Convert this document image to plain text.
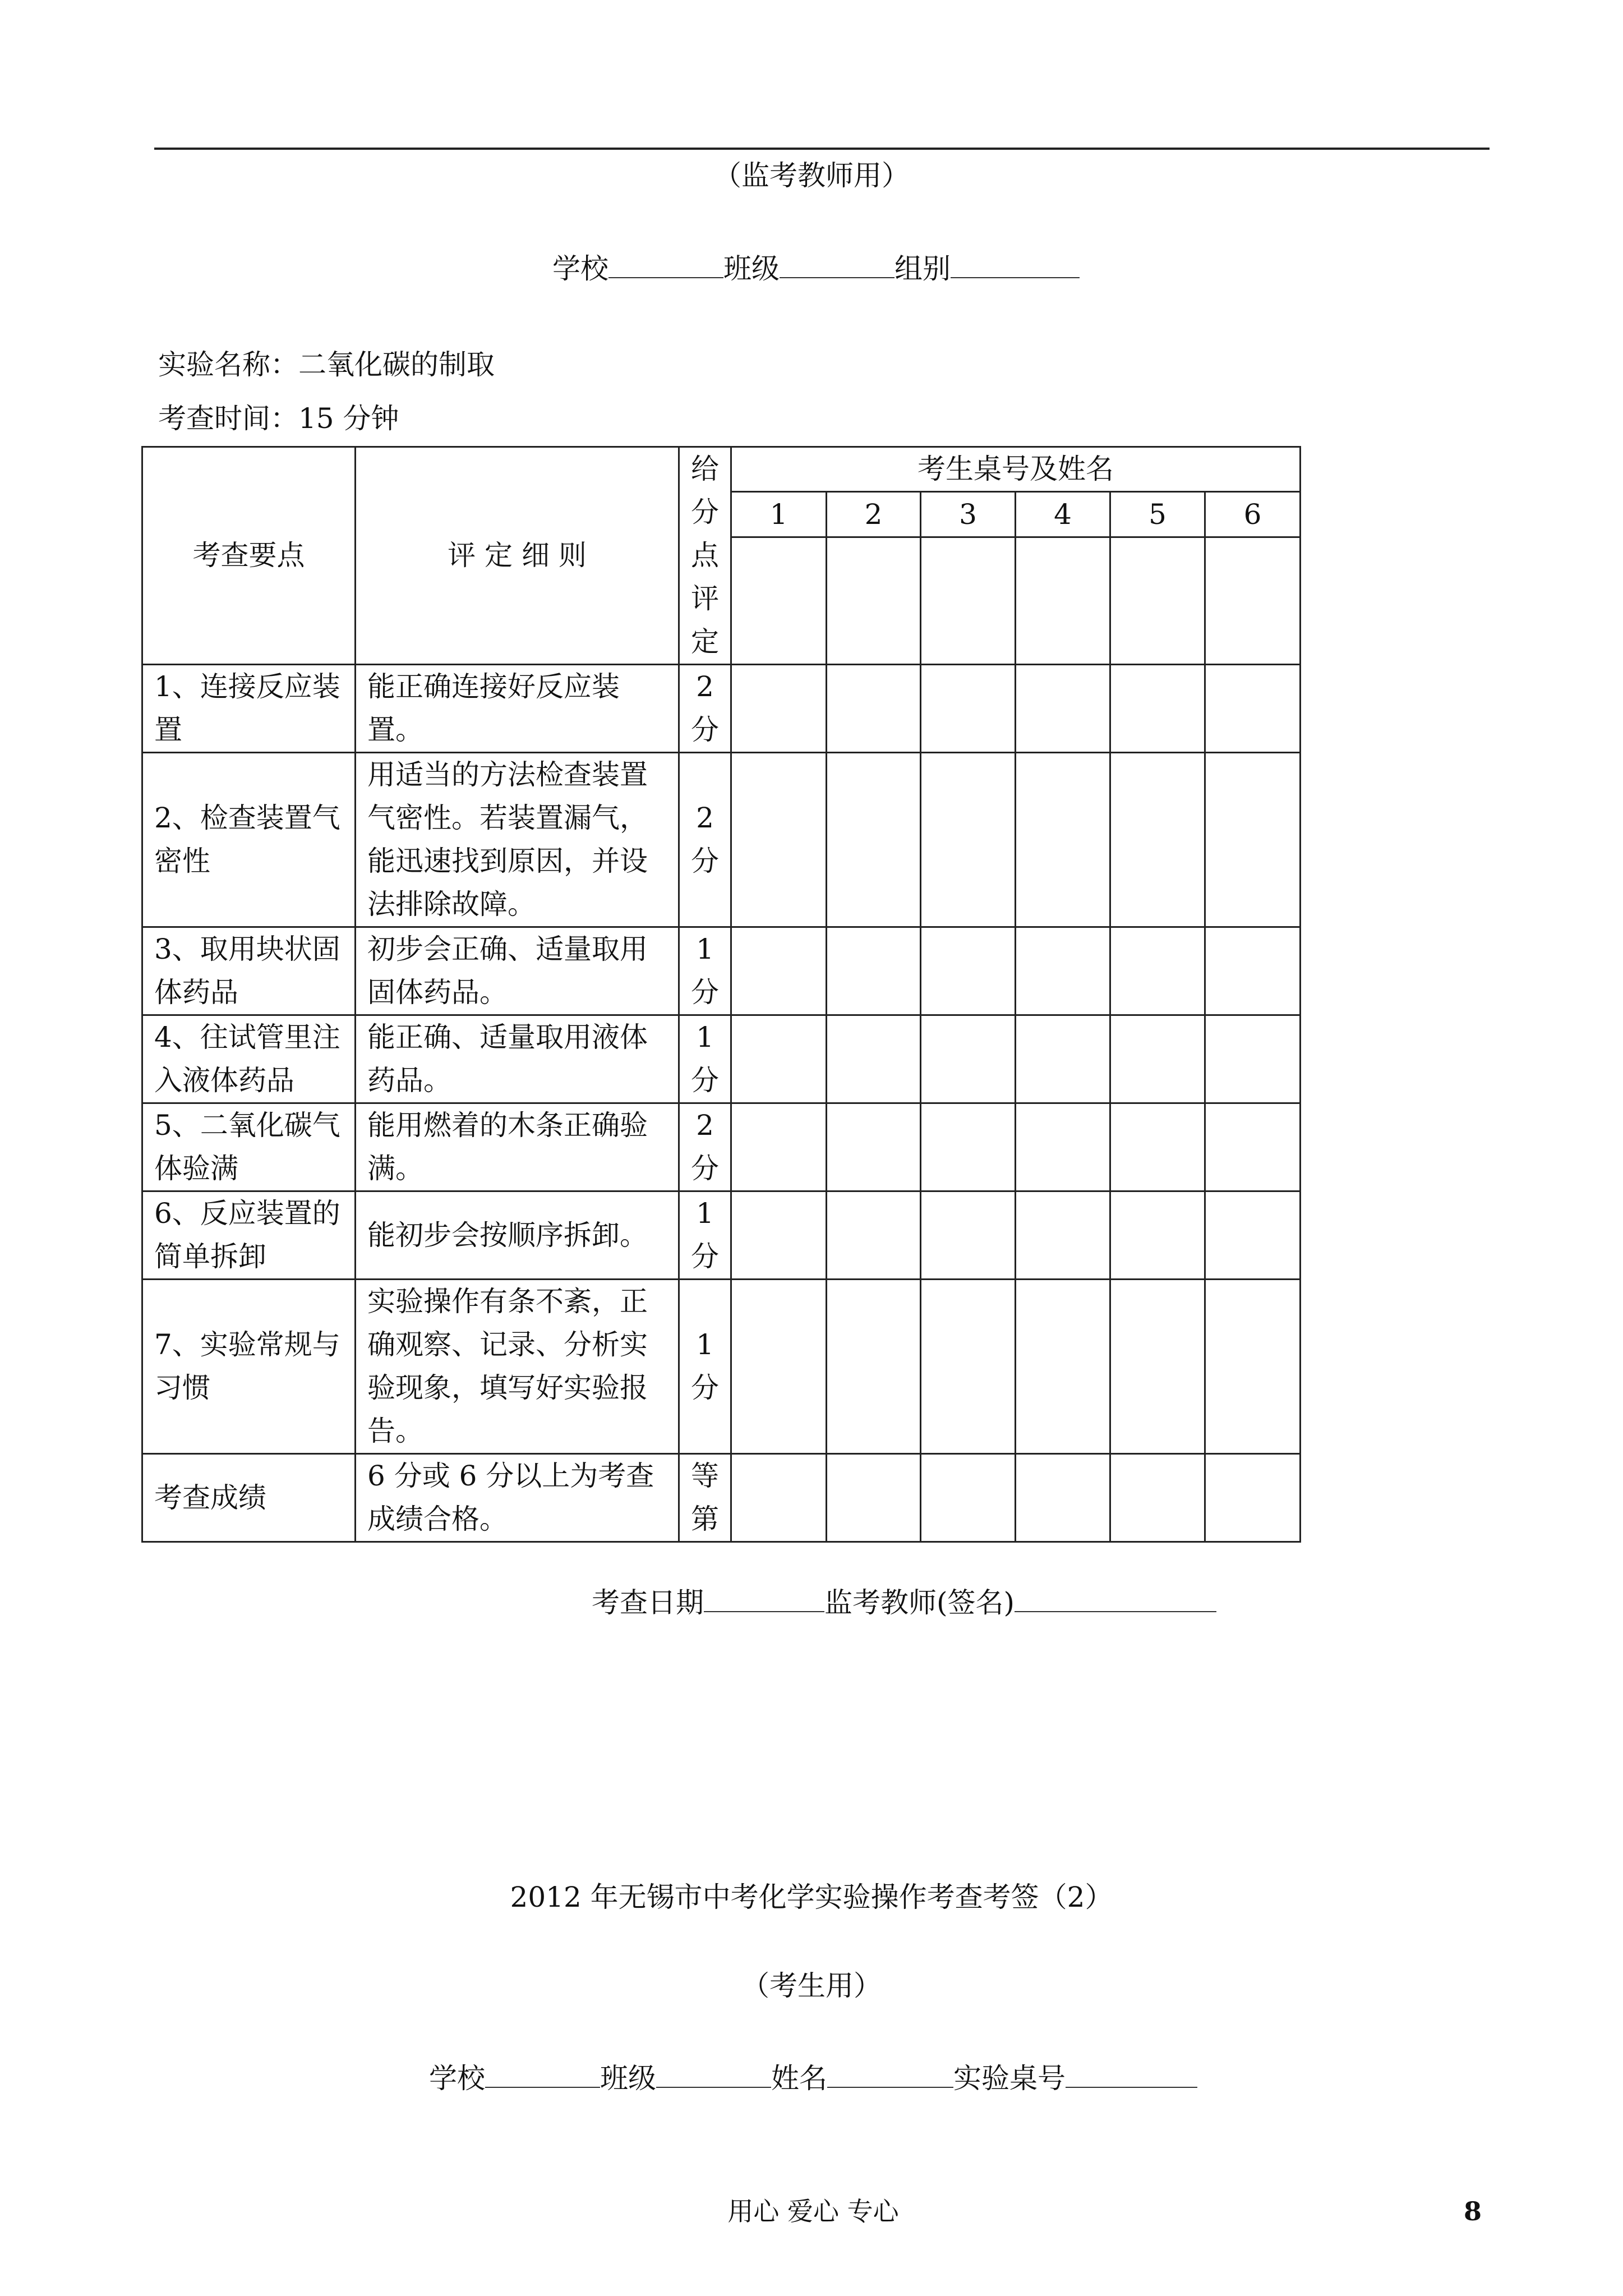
（监考教师用）
学校	班级	组别
实验名称：二氧化碳的制取
考查时间：15 分钟
考查要点	评 定 细 则	给分点评定	考生桌号及姓名					
			1	2	3	4	5	6

1、连接反应装置	能正确连接好反应装置。	2分						

2、检查装置气密性	用适当的方法检查装置气密性。若装置漏气，能迅速找到原因，并设法排除故障。	2分						

3、取用块状固体药品	初步会正确、适量取用固体药品。	1分						

4、往试管里注入液体药品	能正确、适量取用液体药品。	1分						

5、二氧化碳气体验满	能用燃着的木条正确验满。	2分						

6、反应装置的简单拆卸	能初步会按顺序拆卸。	1分						

7、实验常规与习惯	实验操作有条不紊，正确观察、记录、分析实验现象，填写好实验报告。	1分						

考查成绩	6 分或 6 分以上为考查成绩合格。	等第						

考查日期	监考教师(签名)
2012 年无锡市中考化学实验操作考查考签（2）
（考生用）
学校	班级	姓名	实验桌号
用心 爱心 专心	8
